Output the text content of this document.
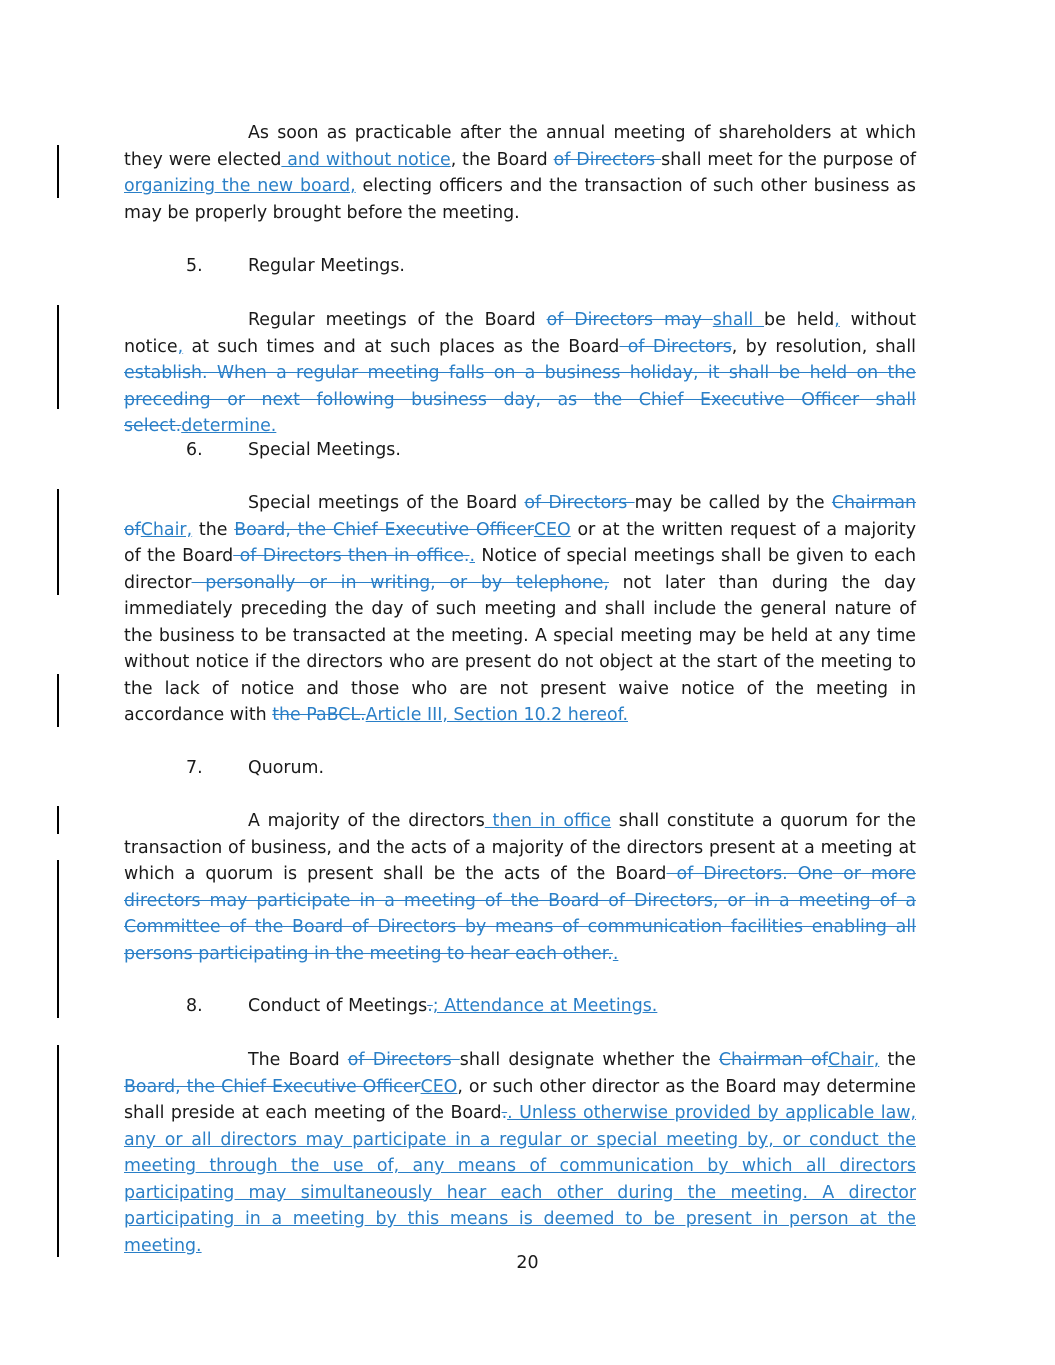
As soon as practicable after the annual meeting of shareholders at which they were elected and without notice, the Board of Directors shall meet for the purpose of organizing the new board, electing officers and the transaction of such other business as may be properly brought before the meeting.

5.	Regular Meetings.

Regular meetings of the Board of Directors may shall be held, without notice, at such times and at such places as the Board of Directors, by resolution, shall establish. When a regular meeting falls on a business holiday, it shall be held on the preceding or next following business day, as the Chief Executive Officer shall select.determine.

6.	Special Meetings.

Special meetings of the Board of Directors may be called by the Chairman ofChair, the Board, the Chief Executive OfficerCEO or at the written request of a majority of the Board of Directors then in office.. Notice of special meetings shall be given to each director personally or in writing, or by telephone, not later than during the day immediately preceding the day of such meeting and shall include the general nature of the business to be transacted at the meeting. A special meeting may be held at any time without notice if the directors who are present do not object at the start of the meeting to the lack of notice and those who are not present waive notice of the meeting in accordance with the PaBCL.Article III, Section 10.2 hereof.

7.	Quorum.

A majority of the directors then in office shall constitute a quorum for the transaction of business, and the acts of a majority of the directors present at a meeting at which a quorum is present shall be the acts of the Board of Directors. One or more directors may participate in a meeting of the Board of Directors, or in a meeting of a Committee of the Board of Directors by means of communication facilities enabling all persons participating in the meeting to hear each other..

8.	Conduct of Meetings.; Attendance at Meetings.

The Board of Directors shall designate whether the Chairman ofChair, the Board, the Chief Executive OfficerCEO, or such other director as the Board may determine shall preside at each meeting of the Board.. Unless otherwise provided by applicable law, any or all directors may participate in a regular or special meeting by, or conduct the meeting through the use of, any means of communication by which all directors participating may simultaneously hear each other during the meeting. A director participating in a meeting by this means is deemed to be present in person at the meeting.

20
